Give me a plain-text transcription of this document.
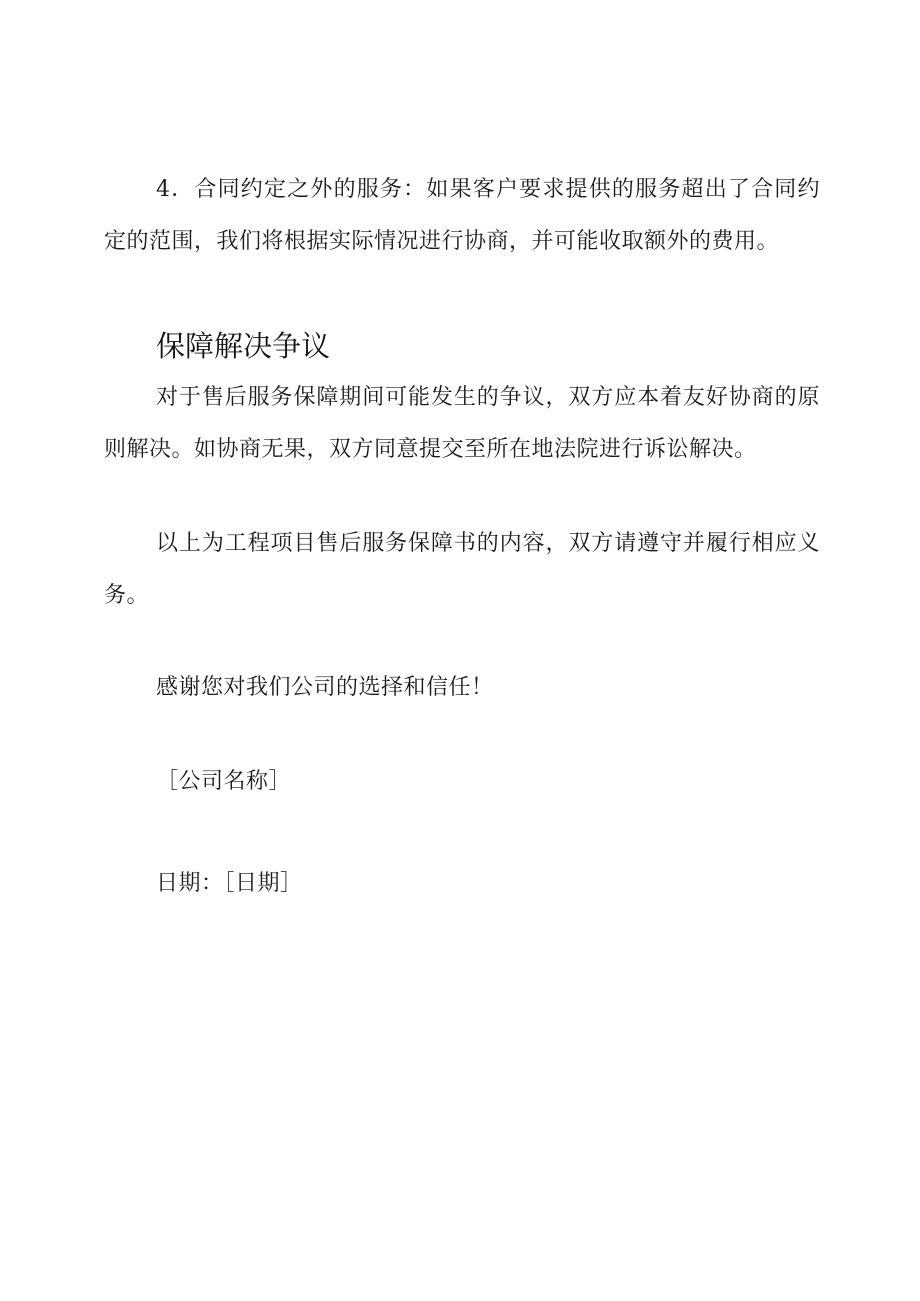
4．合同约定之外的服务：如果客户要求提供的服务超出了合同约定的范围，我们将根据实际情况进行协商，并可能收取额外的费用。

保障解决争议

对于售后服务保障期间可能发生的争议，双方应本着友好协商的原则解决。如协商无果，双方同意提交至所在地法院进行诉讼解决。

以上为工程项目售后服务保障书的内容，双方请遵守并履行相应义务。

感谢您对我们公司的选择和信任！

［公司名称］

日期：［日期］
